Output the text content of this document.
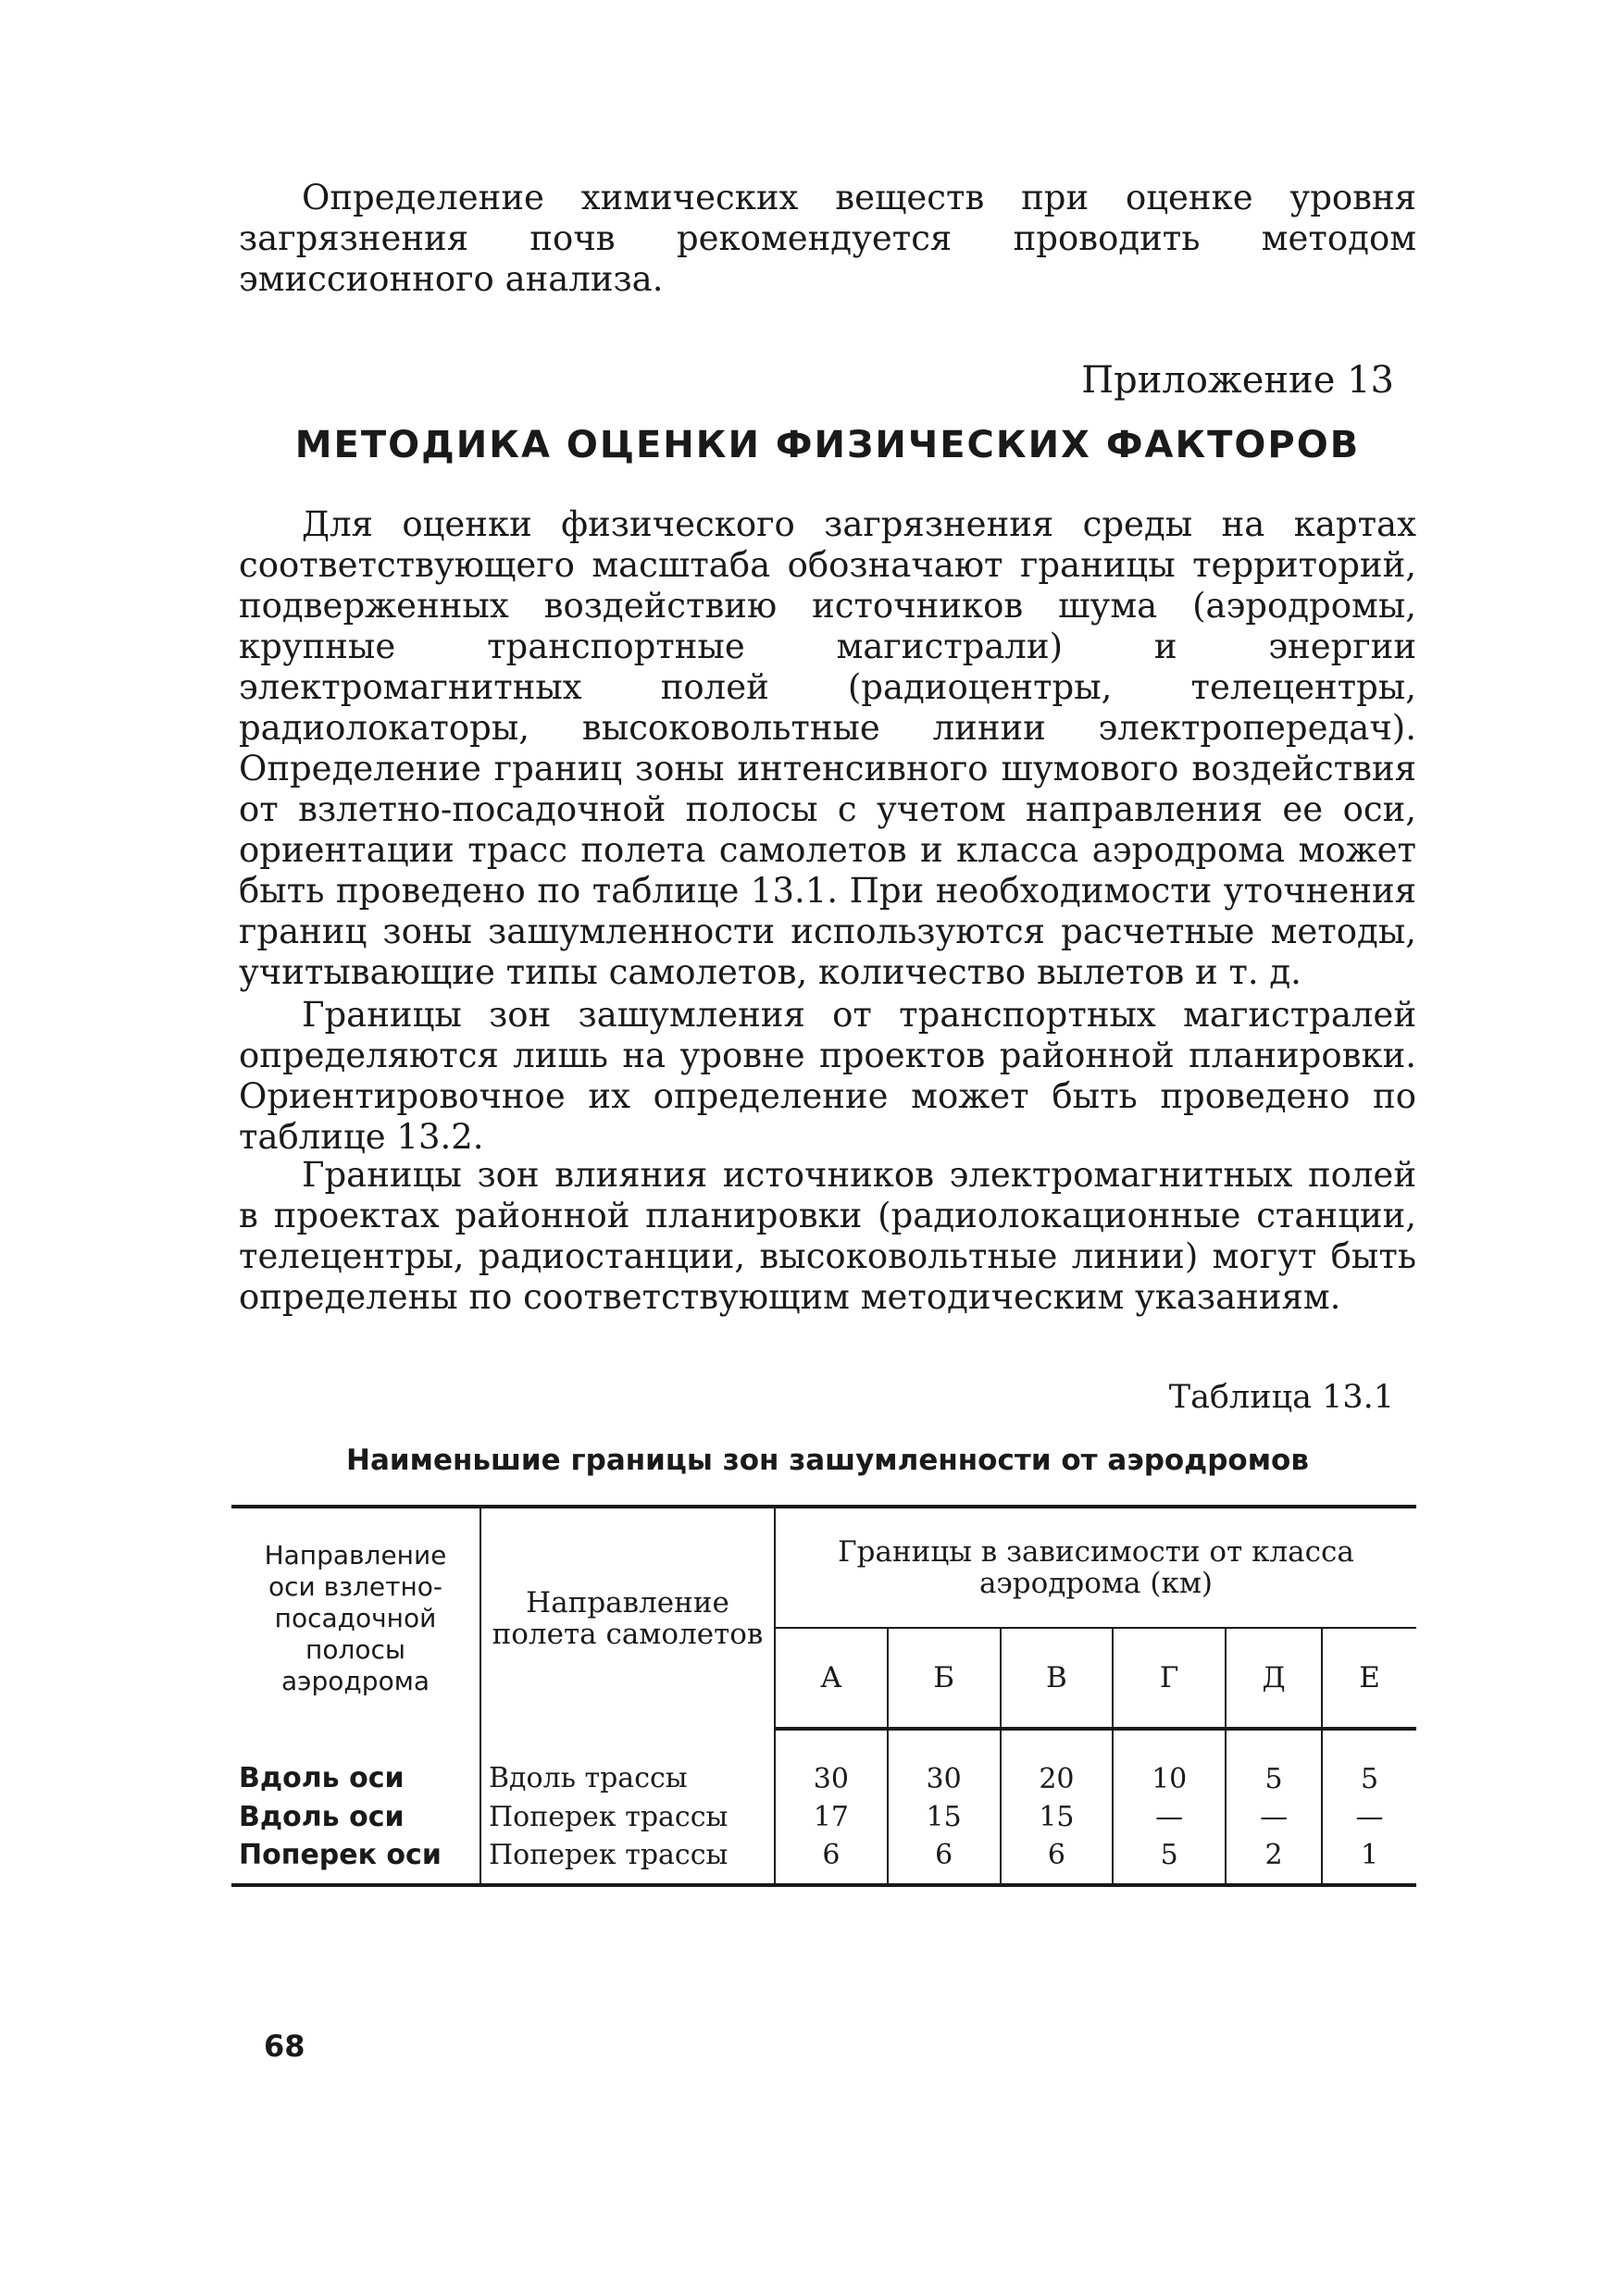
Определение химических веществ при оценке уровня загрязнения почв рекомендуется проводить методом эмиссионного анализа.

Приложение 13

МЕТОДИКА ОЦЕНКИ ФИЗИЧЕСКИХ ФАКТОРОВ

Для оценки физического загрязнения среды на картах соответствующего масштаба обозначают границы территорий, подверженных воздействию источников шума (аэродромы, крупные транспортные магистрали) и энергии электромагнитных полей (радиоцентры, телецентры, радиолокаторы, высоковольтные линии электропередач). Определение границ зоны интенсивного шумового воздействия от взлетно-посадочной полосы с учетом направления ее оси, ориентации трасс полета самолетов и класса аэродрома может быть проведено по таблице 13.1. При необходимости уточнения границ зоны зашумленности используются расчетные методы, учитывающие типы самолетов, количество вылетов и т. д.

Границы зон зашумления от транспортных магистралей определяются лишь на уровне проектов районной планировки. Ориентировочное их определение может быть проведено по таблице 13.2.

Границы зон влияния источников электромагнитных полей в проектах районной планировки (радиолокационные станции, телецентры, радиостанции, высоковольтные линии) могут быть определены по соответствующим методическим указаниям.

Таблица 13.1

Наименьшие границы зон зашумленности от аэродромов

Направление оси взлетно-посадочной полосы аэродрома	Направление полета самолетов	Границы в зависимости от класса аэродрома (км)					
		А	Б	В	Г	Д	Е
Вдоль оси	Вдоль трассы	30	30	20	10	5	5
Вдоль оси	Поперек трассы	17	15	15	—	—	—
Поперек оси	Поперек трассы	6	6	6	5	2	1

68
